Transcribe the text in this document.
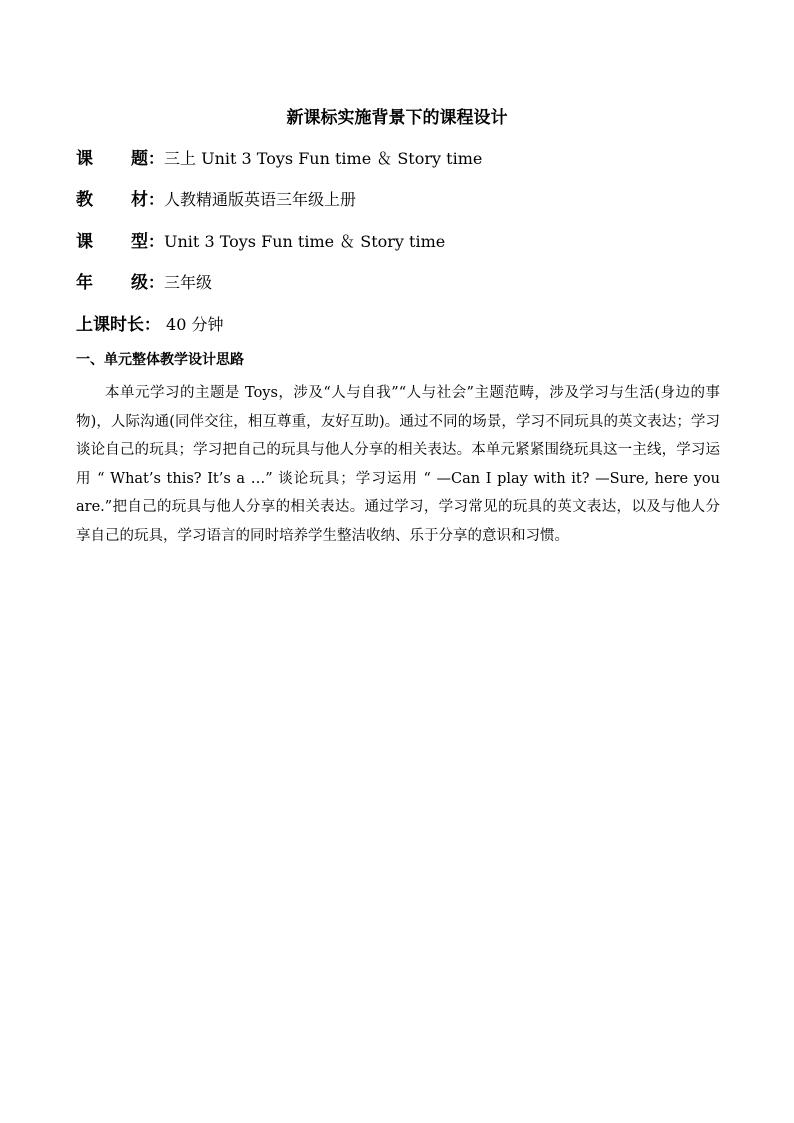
新课标实施背景下的课程设计
课 题 ：三上 Unit 3 Toys Fun time ＆ Story time
教 材 ：人教精通版英语三年级上册
课 型 ：Unit 3 Toys Fun time ＆ Story time
年 级 ：三年级
上课时长： 40 分钟
一、单元整体教学设计思路

本单元学习的主题是 Toys，涉及“人与自我”“人与社会”主题范畴，涉及学习与生活(身边的事物)，人际沟通(同伴交往，相互尊重，友好互助)。通过不同的场景，学习不同玩具的英文表达；学习谈论自己的玩具；学习把自己的玩具与他人分享的相关表达。本单元紧紧围绕玩具这一主线，学习运用 “ What’s this? It’s a …” 谈论玩具；学习运用 “ —Can I play with it? —Sure, here you are.”把自己的玩具与他人分享的相关表达。通过学习，学习常见的玩具的英文表达，以及与他人分享自己的玩具，学习语言的同时培养学生整洁收纳、乐于分享的意识和习惯。
